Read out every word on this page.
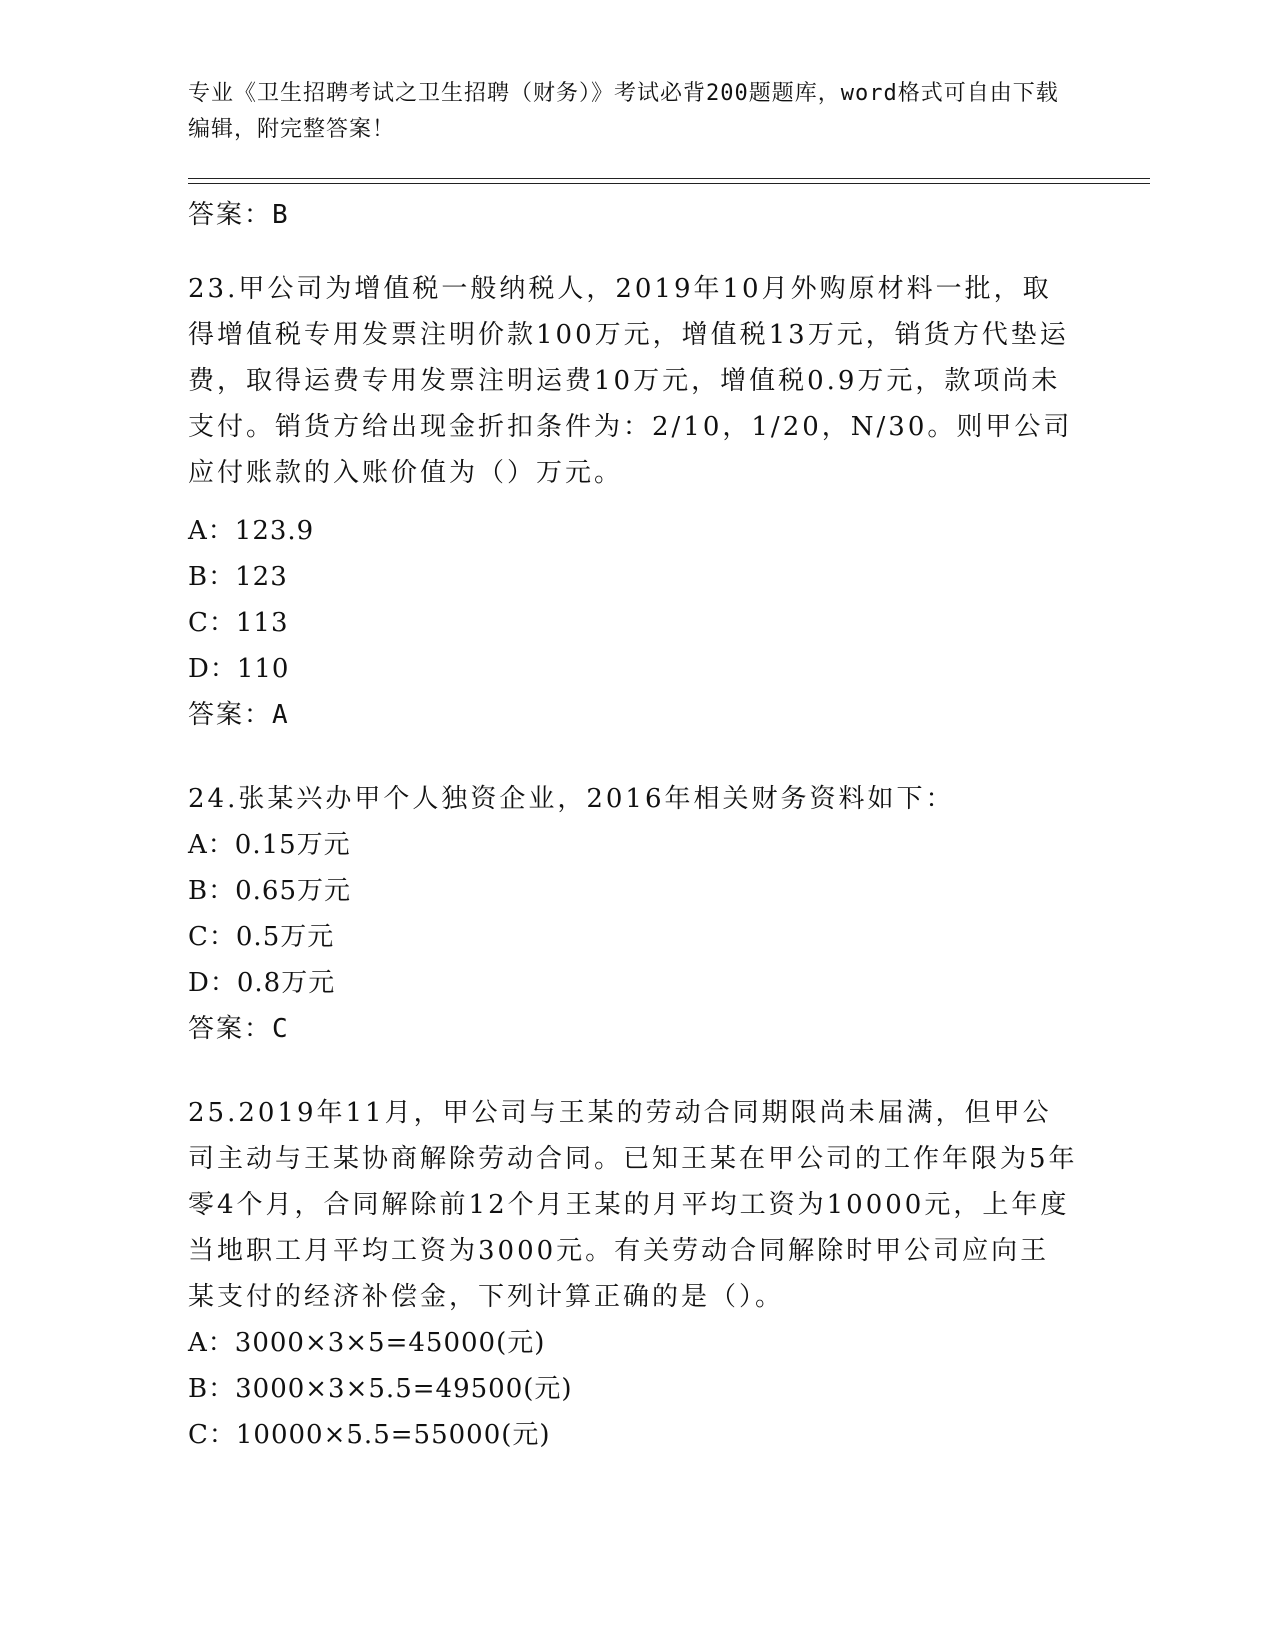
专业《卫生招聘考试之卫生招聘（财务）》考试必背200题题库，word格式可自由下载编辑，附完整答案！
答案：B
23.甲公司为增值税一般纳税人，2019年10月外购原材料一批，取得增值税专用发票注明价款100万元，增值税13万元，销货方代垫运费，取得运费专用发票注明运费10万元，增值税0.9万元，款项尚未支付。销货方给出现金折扣条件为：2/10，1/20，N/30。则甲公司应付账款的入账价值为（）万元。
A：123.9
B：123
C：113
D：110
答案：A
24.张某兴办甲个人独资企业，2016年相关财务资料如下：
A：0.15万元
B：0.65万元
C：0.5万元
D：0.8万元
答案：C
25.2019年11月，甲公司与王某的劳动合同期限尚未届满，但甲公司主动与王某协商解除劳动合同。已知王某在甲公司的工作年限为5年零4个月，合同解除前12个月王某的月平均工资为10000元，上年度当地职工月平均工资为3000元。有关劳动合同解除时甲公司应向王某支付的经济补偿金，下列计算正确的是（）。
A：3000×3×5=45000(元)
B：3000×3×5.5=49500(元)
C：10000×5.5=55000(元)
